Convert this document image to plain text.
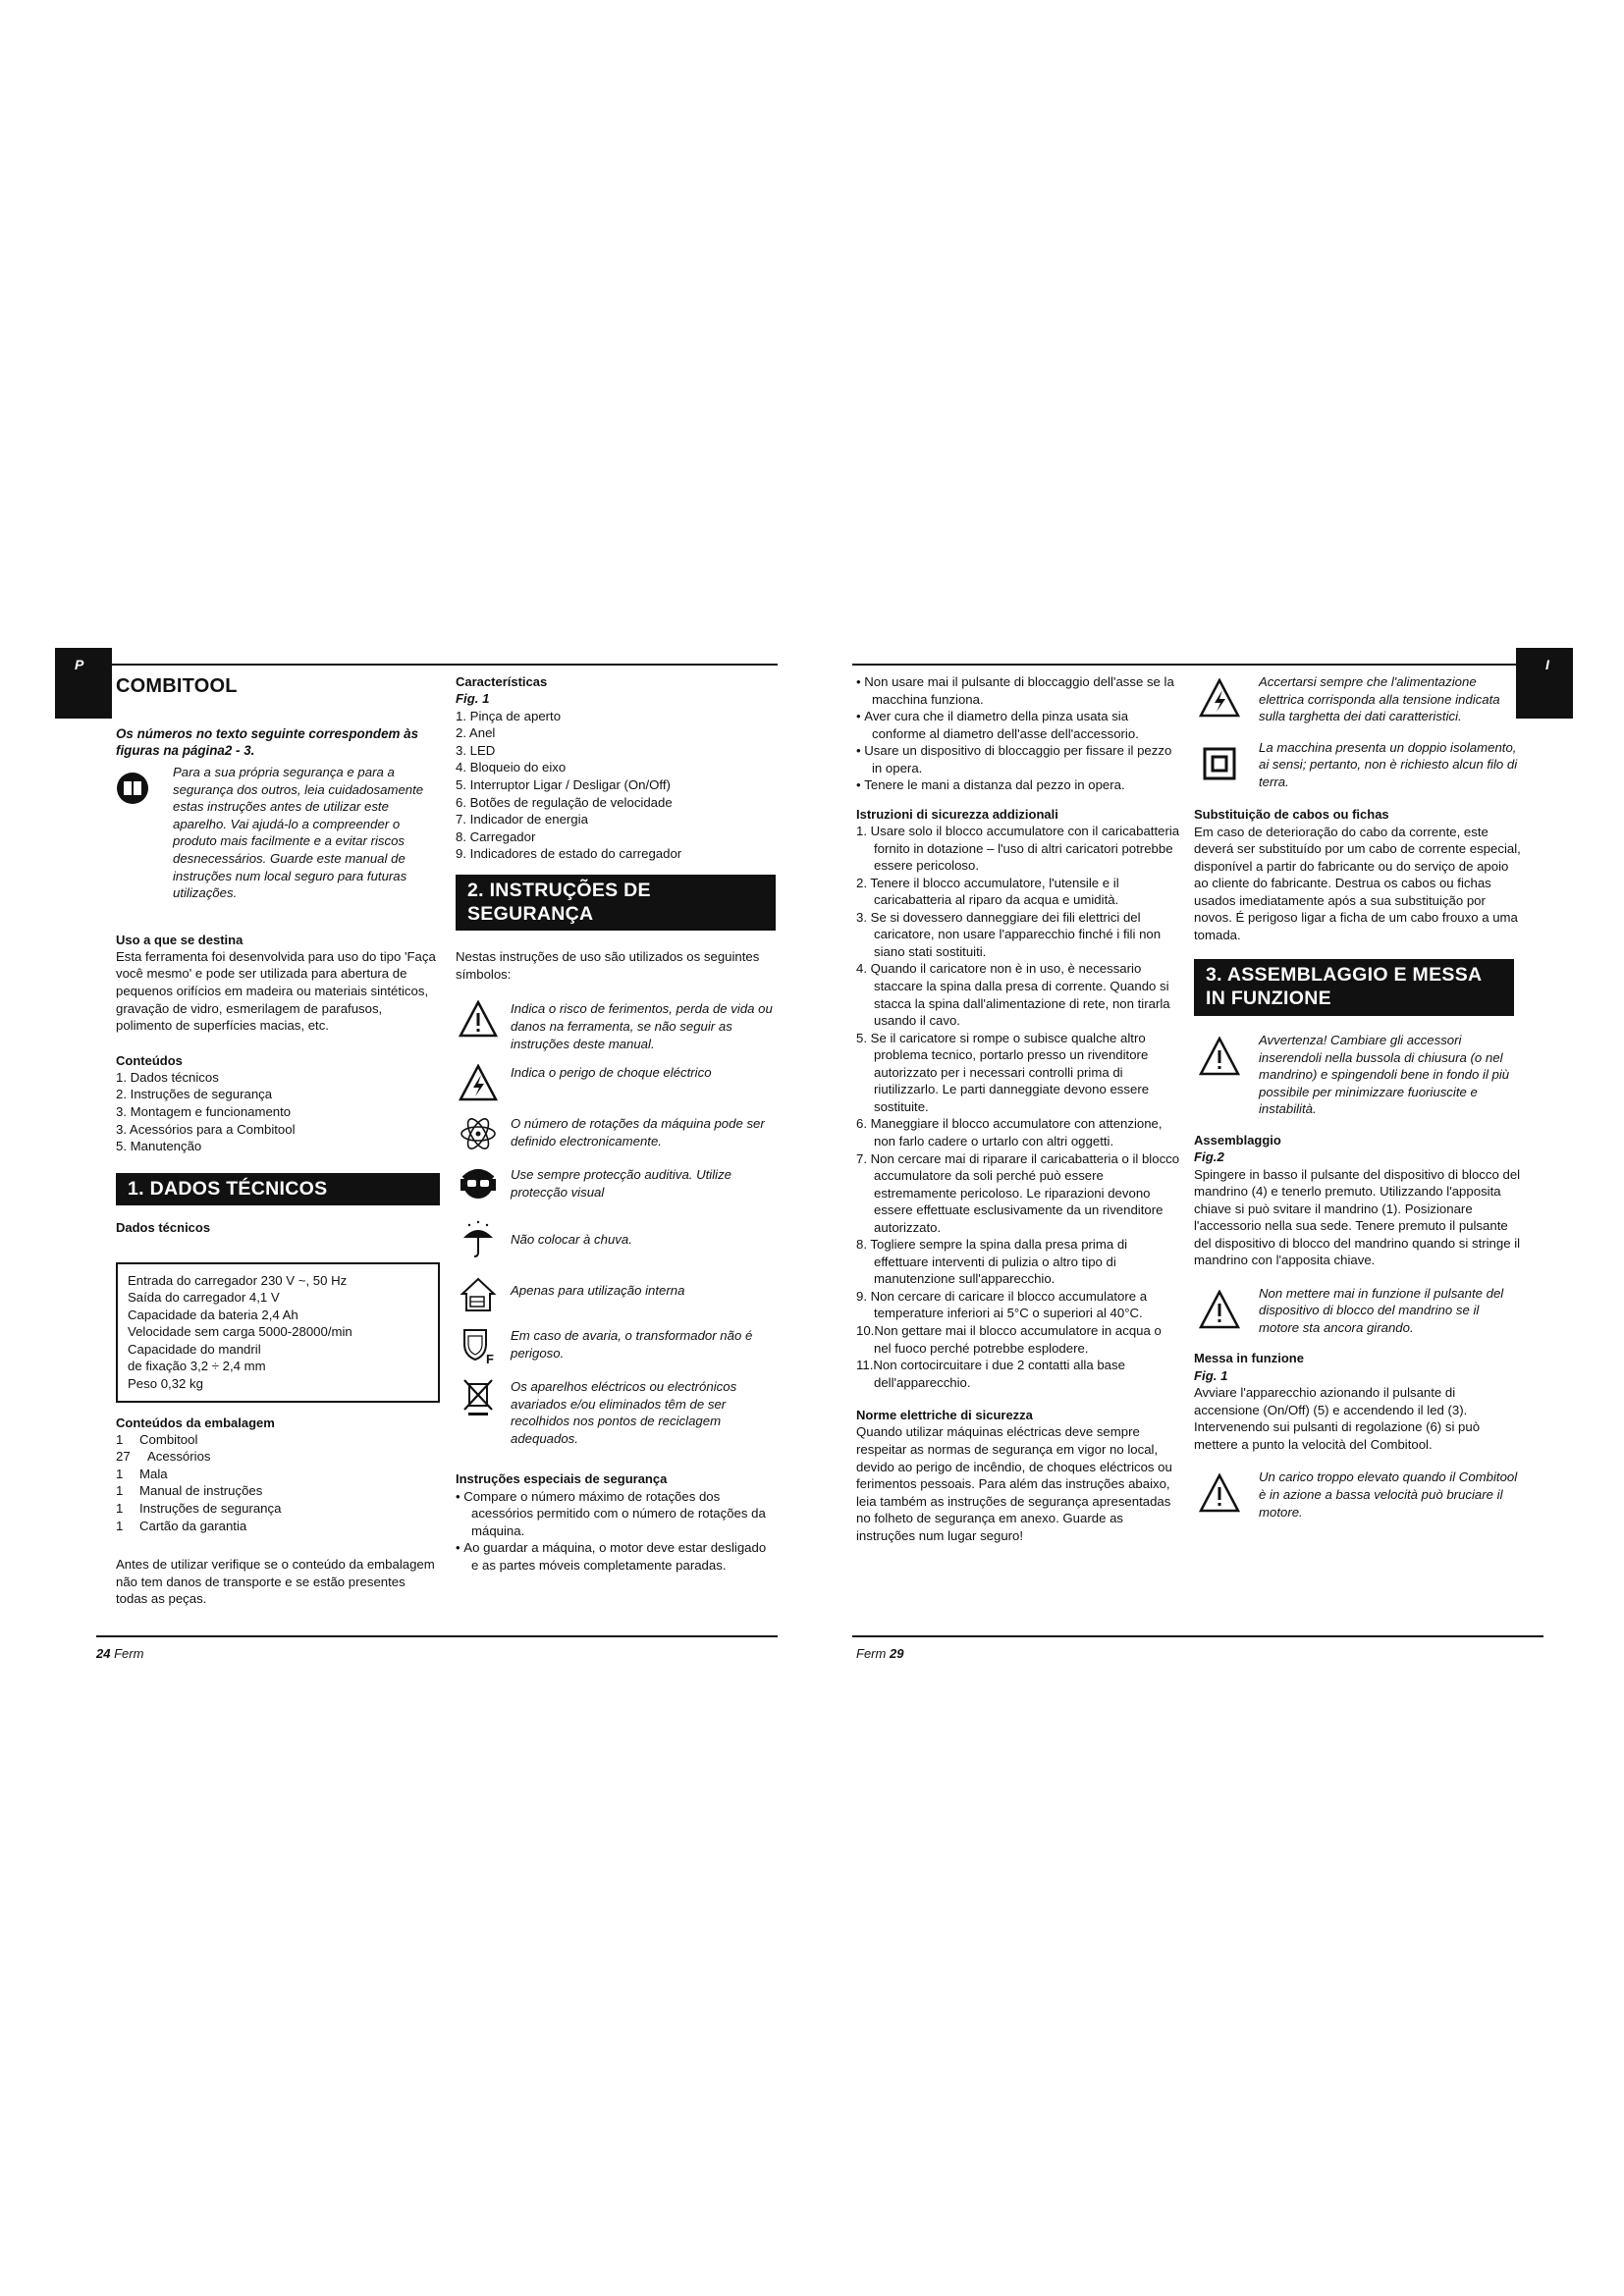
P	I
COMBITOOL

Os números no texto seguinte correspondem às figuras na página2 - 3.

Para a sua própria segurança e para a segurança dos outros, leia cuidadosamente estas instruções antes de utilizar este aparelho. Vai ajudá-lo a compreender o produto mais facilmente e a evitar riscos desnecessários. Guarde este manual de instruções num local seguro para futuras utilizações.

Uso a que se destina

Esta ferramenta foi desenvolvida para uso do tipo 'Faça você mesmo' e pode ser utilizada para abertura de pequenos orifícios em madeira ou materiais sintéticos, gravação de vidro, esmerilagem de parafusos, polimento de superfícies macias, etc.

Conteúdos

1. Dados técnicos
2. Instruções de segurança
3. Montagem e funcionamento
3. Acessórios para a Combitool
5. Manutenção
1. DADOS TÉCNICOS

Dados técnicos

Entrada do carregador 230 V ~, 50 Hz

Saída do carregador 4,1 V

Capacidade da bateria 2,4 Ah

Velocidade sem carga 5000-28000/min

Capacidade do mandril

de fixação 3,2 ÷ 2,4 mm

Peso 0,32 kg

Conteúdos da embalagem

1	Combitool
27	Acessórios
1	Mala
1	Manual de instruções
1	Instruções de segurança
1	Cartão da garantia

Antes de utilizar verifique se o conteúdo da embalagem não tem danos de transporte e se estão presentes todas as peças.

Características

Fig. 1

1. Pinça de aperto
2. Anel
3. LED
4. Bloqueio do eixo
5. Interruptor Ligar / Desligar (On/Off)
6. Botões de regulação de velocidade
7. Indicador de energia
8. Carregador
9. Indicadores de estado do carregador
2. INSTRUÇÕES DE SEGURANÇA

Nestas instruções de uso são utilizados os seguintes símbolos:

Indica o risco de ferimentos, perda de vida ou danos na ferramenta, se não seguir as instruções deste manual.

Indica o perigo de choque eléctrico

O número de rotações da máquina pode ser definido electronicamente.

Use sempre protecção auditiva. Utilize protecção visual

Não colocar à chuva.

Apenas para utilização interna

F

Em caso de avaria, o transformador não é perigoso.

Os aparelhos eléctricos ou electrónicos avariados e/ou eliminados têm de ser recolhidos nos pontos de reciclagem adequados.

Instruções especiais de segurança

• Compare o número máximo de rotações dos acessórios permitido com o número de rotações da máquina.
• Ao guardar a máquina, o motor deve estar desligado e as partes móveis completamente paradas.
• Non usare mai il pulsante di bloccaggio dell'asse se la macchina funziona.
• Aver cura che il diametro della pinza usata sia conforme al diametro dell'asse dell'accessorio.
• Usare un dispositivo di bloccaggio per fissare il pezzo in opera.
• Tenere le mani a distanza dal pezzo in opera.

Istruzioni di sicurezza addizionali

1. Usare solo il blocco accumulatore con il caricabatteria fornito in dotazione – l'uso di altri caricatori potrebbe essere pericoloso.
2. Tenere il blocco accumulatore, l'utensile e il caricabatteria al riparo da acqua e umidità.
3. Se si dovessero danneggiare dei fili elettrici del caricatore, non usare l'apparecchio finché i fili non siano stati sostituiti.
4. Quando il caricatore non è in uso, è necessario staccare la spina dalla presa di corrente. Quando si stacca la spina dall'alimentazione di rete, non tirarla usando il cavo.
5. Se il caricatore si rompe o subisce qualche altro problema tecnico, portarlo presso un rivenditore autorizzato per i necessari controlli prima di riutilizzarlo. Le parti danneggiate devono essere sostituite.
6. Maneggiare il blocco accumulatore con attenzione, non farlo cadere o urtarlo con altri oggetti.
7. Non cercare mai di riparare il caricabatteria o il blocco accumulatore da soli perché può essere estremamente pericoloso. Le riparazioni devono essere effettuate esclusivamente da un rivenditore autorizzato.
8. Togliere sempre la spina dalla presa prima di effettuare interventi di pulizia o altro tipo di manutenzione sull'apparecchio.
9. Non cercare di caricare il blocco accumulatore a temperature inferiori ai 5°C o superiori al 40°C.
10.Non gettare mai il blocco accumulatore in acqua o nel fuoco perché potrebbe esplodere.
11.Non cortocircuitare i due 2 contatti alla base dell'apparecchio.

Norme elettriche di sicurezza

Quando utilizar máquinas eléctricas deve sempre respeitar as normas de segurança em vigor no local, devido ao perigo de incêndio, de choques eléctricos ou ferimentos pessoais. Para além das instruções abaixo, leia também as instruções de segurança apresentadas no folheto de segurança em anexo. Guarde as instruções num lugar seguro!

Accertarsi sempre che l'alimentazione elettrica corrisponda alla tensione indicata sulla targhetta dei dati caratteristici.

La macchina presenta un doppio isolamento, ai sensi; pertanto, non è richiesto alcun filo di terra.

Substituição de cabos ou fichas

Em caso de deterioração do cabo da corrente, este deverá ser substituído por um cabo de corrente especial, disponível a partir do fabricante ou do serviço de apoio ao cliente do fabricante. Destrua os cabos ou fichas usados imediatamente após a sua substituição por novos. É perigoso ligar a ficha de um cabo frouxo a uma tomada.

3. ASSEMBLAGGIO E MESSA IN FUNZIONE

Avvertenza! Cambiare gli accessori inserendoli nella bussola di chiusura (o nel mandrino) e spingendoli bene in fondo il più possibile per minimizzare fuoriuscite e instabilità.

Assemblaggio

Fig.2

Spingere in basso il pulsante del dispositivo di blocco del mandrino (4) e tenerlo premuto. Utilizzando l'apposita chiave si può svitare il mandrino (1). Posizionare l'accessorio nella sua sede. Tenere premuto il pulsante del dispositivo di blocco del mandrino quando si stringe il mandrino con l'apposita chiave.

Non mettere mai in funzione il pulsante del dispositivo di blocco del mandrino se il motore sta ancora girando.

Messa in funzione

Fig. 1

Avviare l'apparecchio azionando il pulsante di accensione (On/Off) (5) e accendendo il led (3). Intervenendo sui pulsanti di regolazione (6) si può mettere a punto la velocità del Combitool.

Un carico troppo elevato quando il Combitool è in azione a bassa velocità può bruciare il motore.

24 Ferm	Ferm 29
